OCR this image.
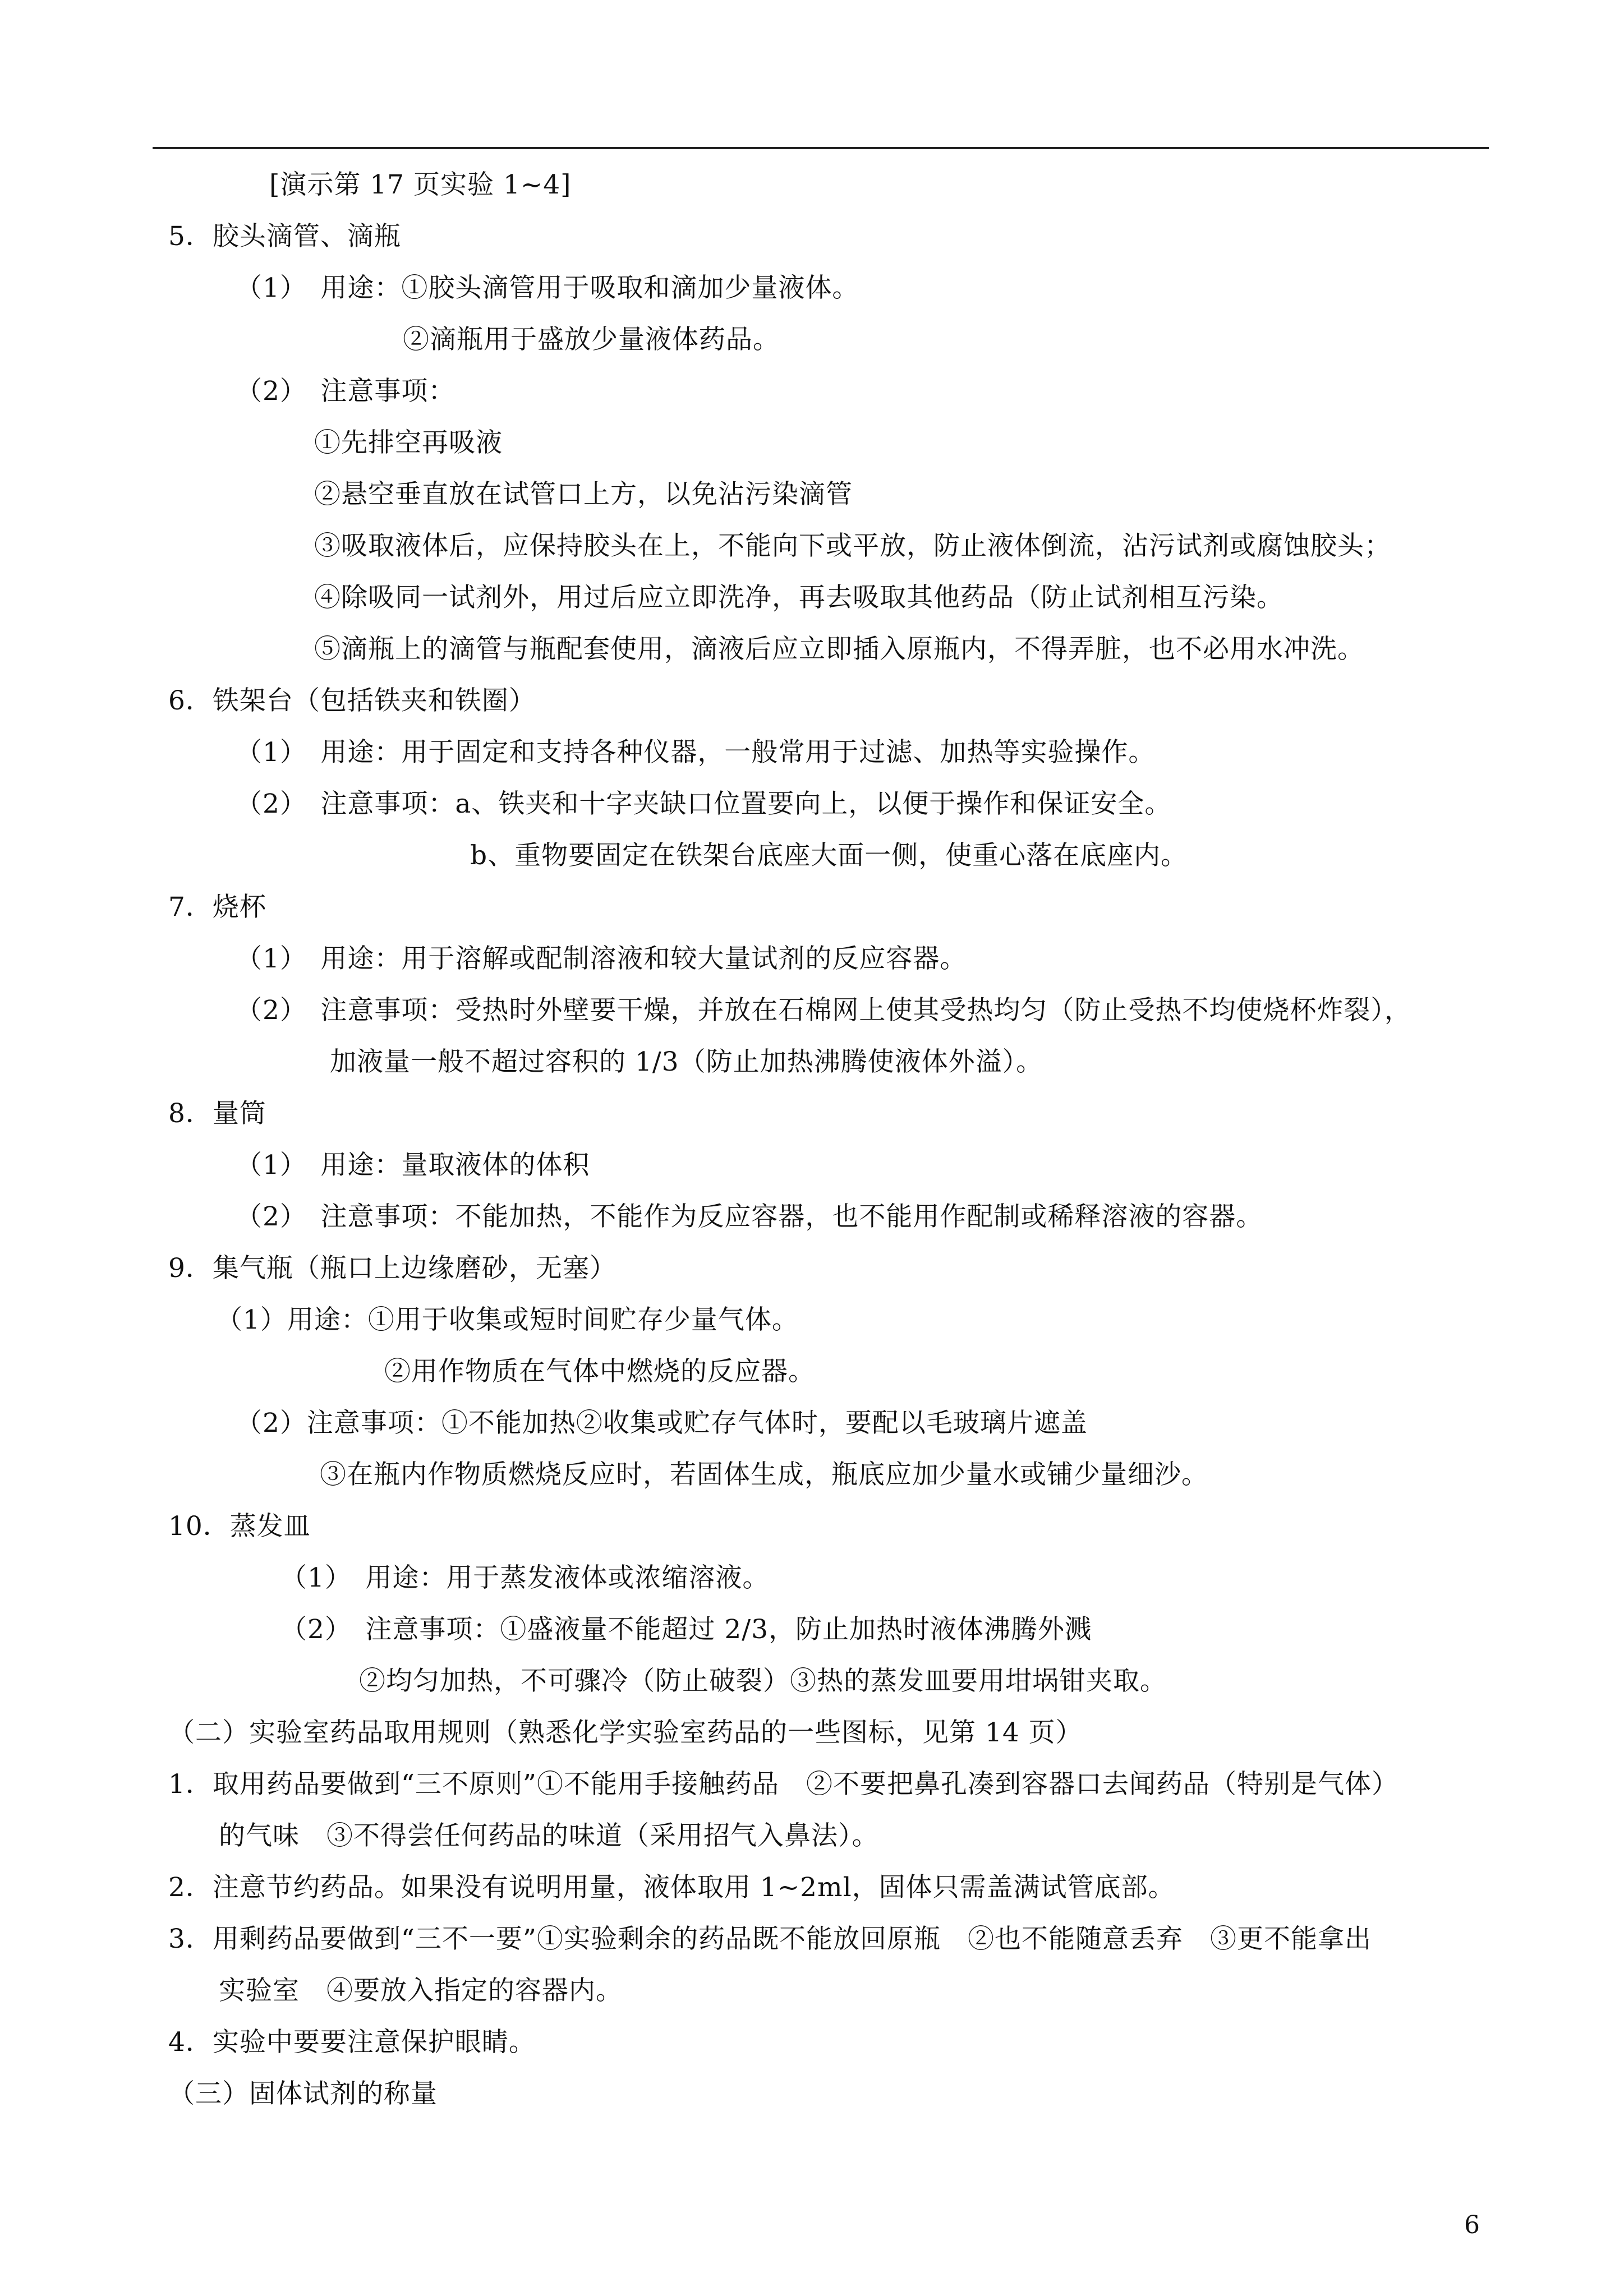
[演示第 17 页实验 1~4]
5．胶头滴管、滴瓶
（1）　用途：①胶头滴管用于吸取和滴加少量液体。
②滴瓶用于盛放少量液体药品。
（2）　注意事项：
①先排空再吸液
②悬空垂直放在试管口上方，以免沾污染滴管
③吸取液体后，应保持胶头在上，不能向下或平放，防止液体倒流，沾污试剂或腐蚀胶头；
④除吸同一试剂外，用过后应立即洗净，再去吸取其他药品（防止试剂相互污染。
⑤滴瓶上的滴管与瓶配套使用，滴液后应立即插入原瓶内，不得弄脏，也不必用水冲洗。
6．铁架台（包括铁夹和铁圈）
（1）　用途：用于固定和支持各种仪器，一般常用于过滤、加热等实验操作。
（2）　注意事项：a、铁夹和十字夹缺口位置要向上，以便于操作和保证安全。
b、重物要固定在铁架台底座大面一侧，使重心落在底座内。
7．烧杯
（1）　用途：用于溶解或配制溶液和较大量试剂的反应容器。
（2）　注意事项：受热时外壁要干燥，并放在石棉网上使其受热均匀（防止受热不均使烧杯炸裂），
加液量一般不超过容积的 1/3（防止加热沸腾使液体外溢）。
8．量筒
（1）　用途：量取液体的体积
（2）　注意事项：不能加热，不能作为反应容器，也不能用作配制或稀释溶液的容器。
9．集气瓶（瓶口上边缘磨砂，无塞）
（1）用途：①用于收集或短时间贮存少量气体。
②用作物质在气体中燃烧的反应器。
（2）注意事项：①不能加热②收集或贮存气体时，要配以毛玻璃片遮盖
③在瓶内作物质燃烧反应时，若固体生成，瓶底应加少量水或铺少量细沙。
10．蒸发皿
（1）　用途：用于蒸发液体或浓缩溶液。
（2）　注意事项：①盛液量不能超过 2/3，防止加热时液体沸腾外溅
②均匀加热，不可骤冷（防止破裂）③热的蒸发皿要用坩埚钳夹取。
（二）实验室药品取用规则（熟悉化学实验室药品的一些图标，见第 14 页）
1．取用药品要做到“三不原则”①不能用手接触药品　②不要把鼻孔凑到容器口去闻药品（特别是气体）
的气味　③不得尝任何药品的味道（采用招气入鼻法）。
2．注意节约药品。如果没有说明用量，液体取用 1~2ml，固体只需盖满试管底部。
3．用剩药品要做到“三不一要”①实验剩余的药品既不能放回原瓶　②也不能随意丢弃　③更不能拿出
实验室　④要放入指定的容器内。
4．实验中要要注意保护眼睛。
（三）固体试剂的称量
6
